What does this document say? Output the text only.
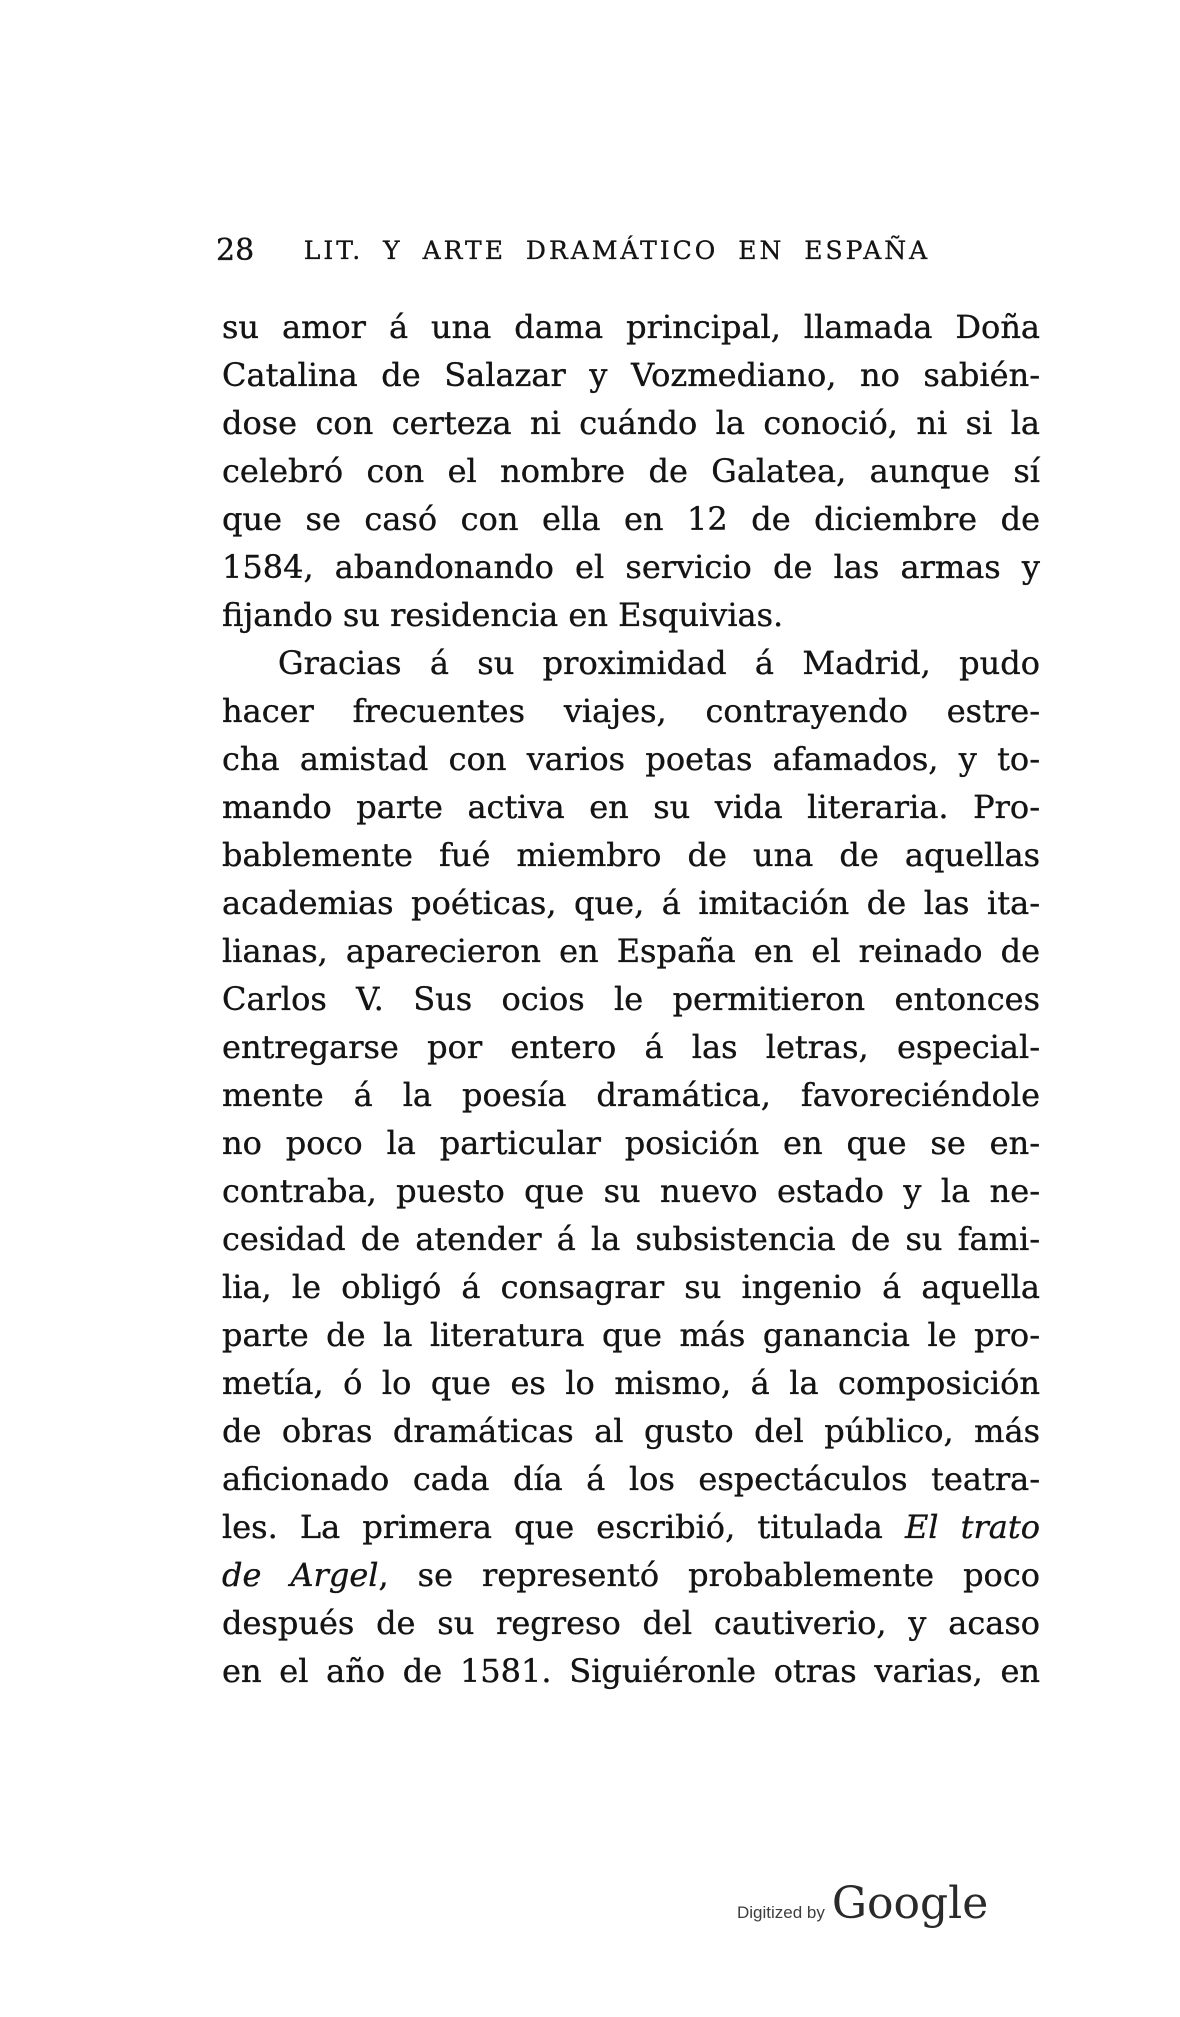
28	LIT. Y ARTE DRAMÁTICO EN ESPAÑA
su amor á una dama principal, llamada Doña
Catalina de Salazar y Vozmediano, no sabién-
dose con certeza ni cuándo la conoció, ni si la
celebró con el nombre de Galatea, aunque sí
que se casó con ella en 12 de diciembre de
1584, abandonando el servicio de las armas y
fijando su residencia en Esquivias.
Gracias á su proximidad á Madrid, pudo
hacer frecuentes viajes, contrayendo estre-
cha amistad con varios poetas afamados, y to-
mando parte activa en su vida literaria. Pro-
bablemente fué miembro de una de aquellas
academias poéticas, que, á imitación de las ita-
lianas, aparecieron en España en el reinado de
Carlos V. Sus ocios le permitieron entonces
entregarse por entero á las letras, especial-
mente á la poesía dramática, favoreciéndole
no poco la particular posición en que se en-
contraba, puesto que su nuevo estado y la ne-
cesidad de atender á la subsistencia de su fami-
lia, le obligó á consagrar su ingenio á aquella
parte de la literatura que más ganancia le pro-
metía, ó lo que es lo mismo, á la composición
de obras dramáticas al gusto del público, más
aficionado cada día á los espectáculos teatra-
les. La primera que escribió, titulada El trato
de Argel, se representó probablemente poco
después de su regreso del cautiverio, y acaso
en el año de 1581. Siguiéronle otras varias, en
Digitized by Google
